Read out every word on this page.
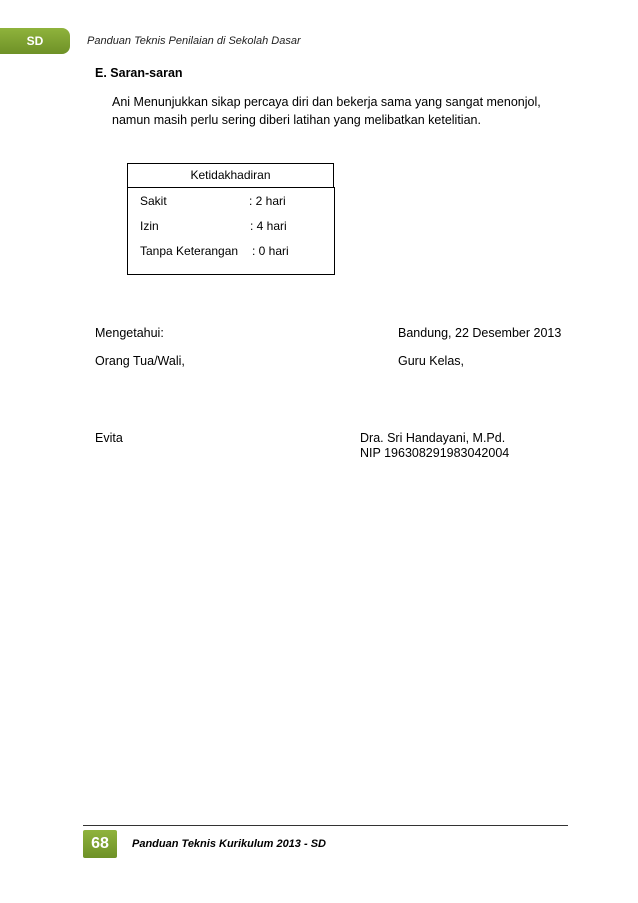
SD	Panduan Teknis Penilaian di Sekolah Dasar
E. Saran-saran
Ani Menunjukkan sikap percaya diri dan bekerja sama yang sangat menonjol,
namun masih perlu sering diberi latihan yang melibatkan ketelitian.
Ketidakhadiran
Sakit	: 2 hari
Izin	: 4 hari
Tanpa Keterangan : 0 hari
Mengetahui:
Orang Tua/Wali,
Evita
Bandung, 22 Desember 2013
Guru Kelas,
Dra. Sri Handayani, M.Pd.
NIP 196308291983042004
68	Panduan Teknis Kurikulum 2013 - SD
